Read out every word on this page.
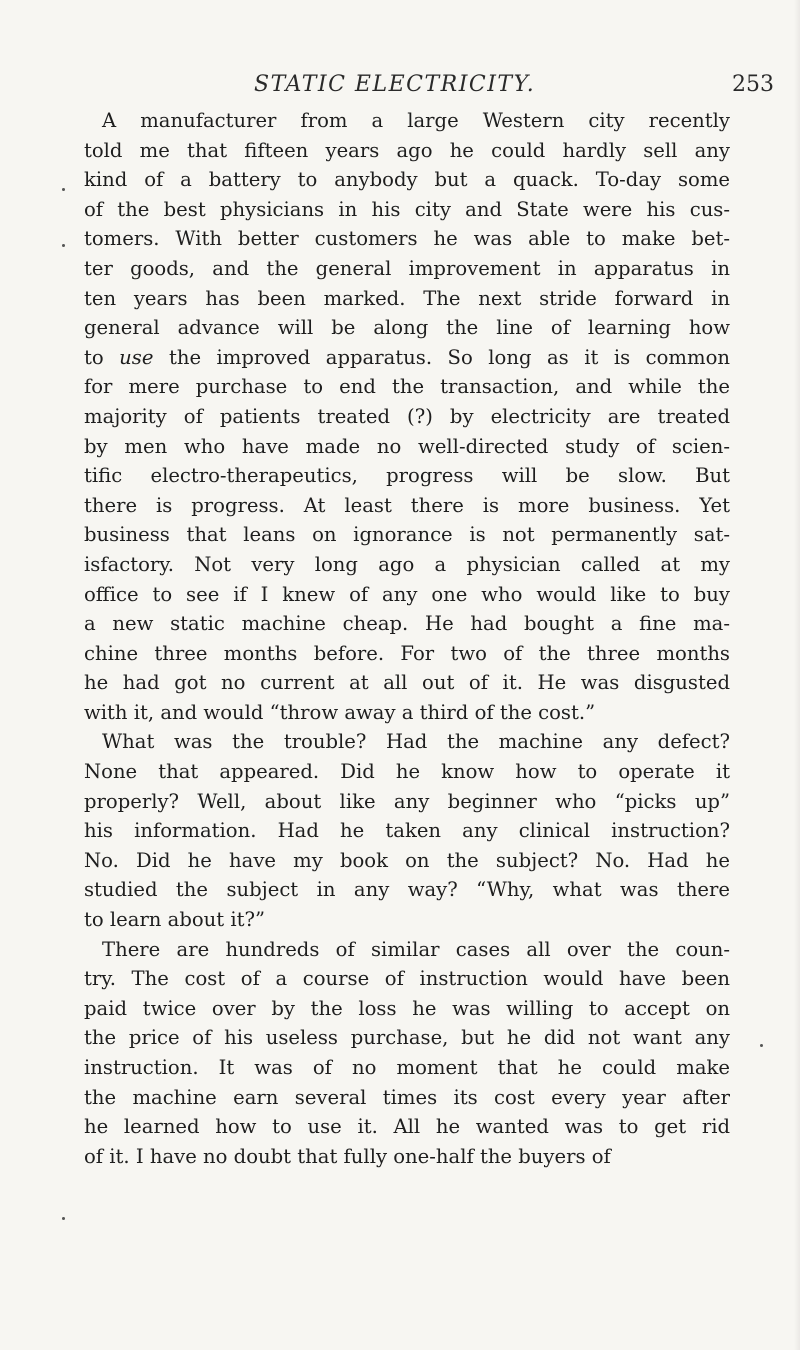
STATIC ELECTRICITY.	253
A manufacturer from a large Western city recently
told me that fifteen years ago he could hardly sell any
kind of a battery to anybody but a quack. To-day some
of the best physicians in his city and State were his cus-
tomers. With better customers he was able to make bet-
ter goods, and the general improvement in apparatus in
ten years has been marked. The next stride forward in
general advance will be along the line of learning how
to use the improved apparatus. So long as it is common
for mere purchase to end the transaction, and while the
majority of patients treated (?) by electricity are treated
by men who have made no well-directed study of scien-
tific electro-therapeutics, progress will be slow. But
there is progress. At least there is more business. Yet
business that leans on ignorance is not permanently sat-
isfactory. Not very long ago a physician called at my
office to see if I knew of any one who would like to buy
a new static machine cheap. He had bought a fine ma-
chine three months before. For two of the three months
he had got no current at all out of it. He was disgusted
with it, and would “throw away a third of the cost.”
What was the trouble? Had the machine any defect?
None that appeared. Did he know how to operate it
properly? Well, about like any beginner who “picks up”
his information. Had he taken any clinical instruction?
No. Did he have my book on the subject? No. Had he
studied the subject in any way? “Why, what was there
to learn about it?”
There are hundreds of similar cases all over the coun-
try. The cost of a course of instruction would have been
paid twice over by the loss he was willing to accept on
the price of his useless purchase, but he did not want any
instruction. It was of no moment that he could make
the machine earn several times its cost every year after
he learned how to use it. All he wanted was to get rid
of it. I have no doubt that fully one-half the buyers of
